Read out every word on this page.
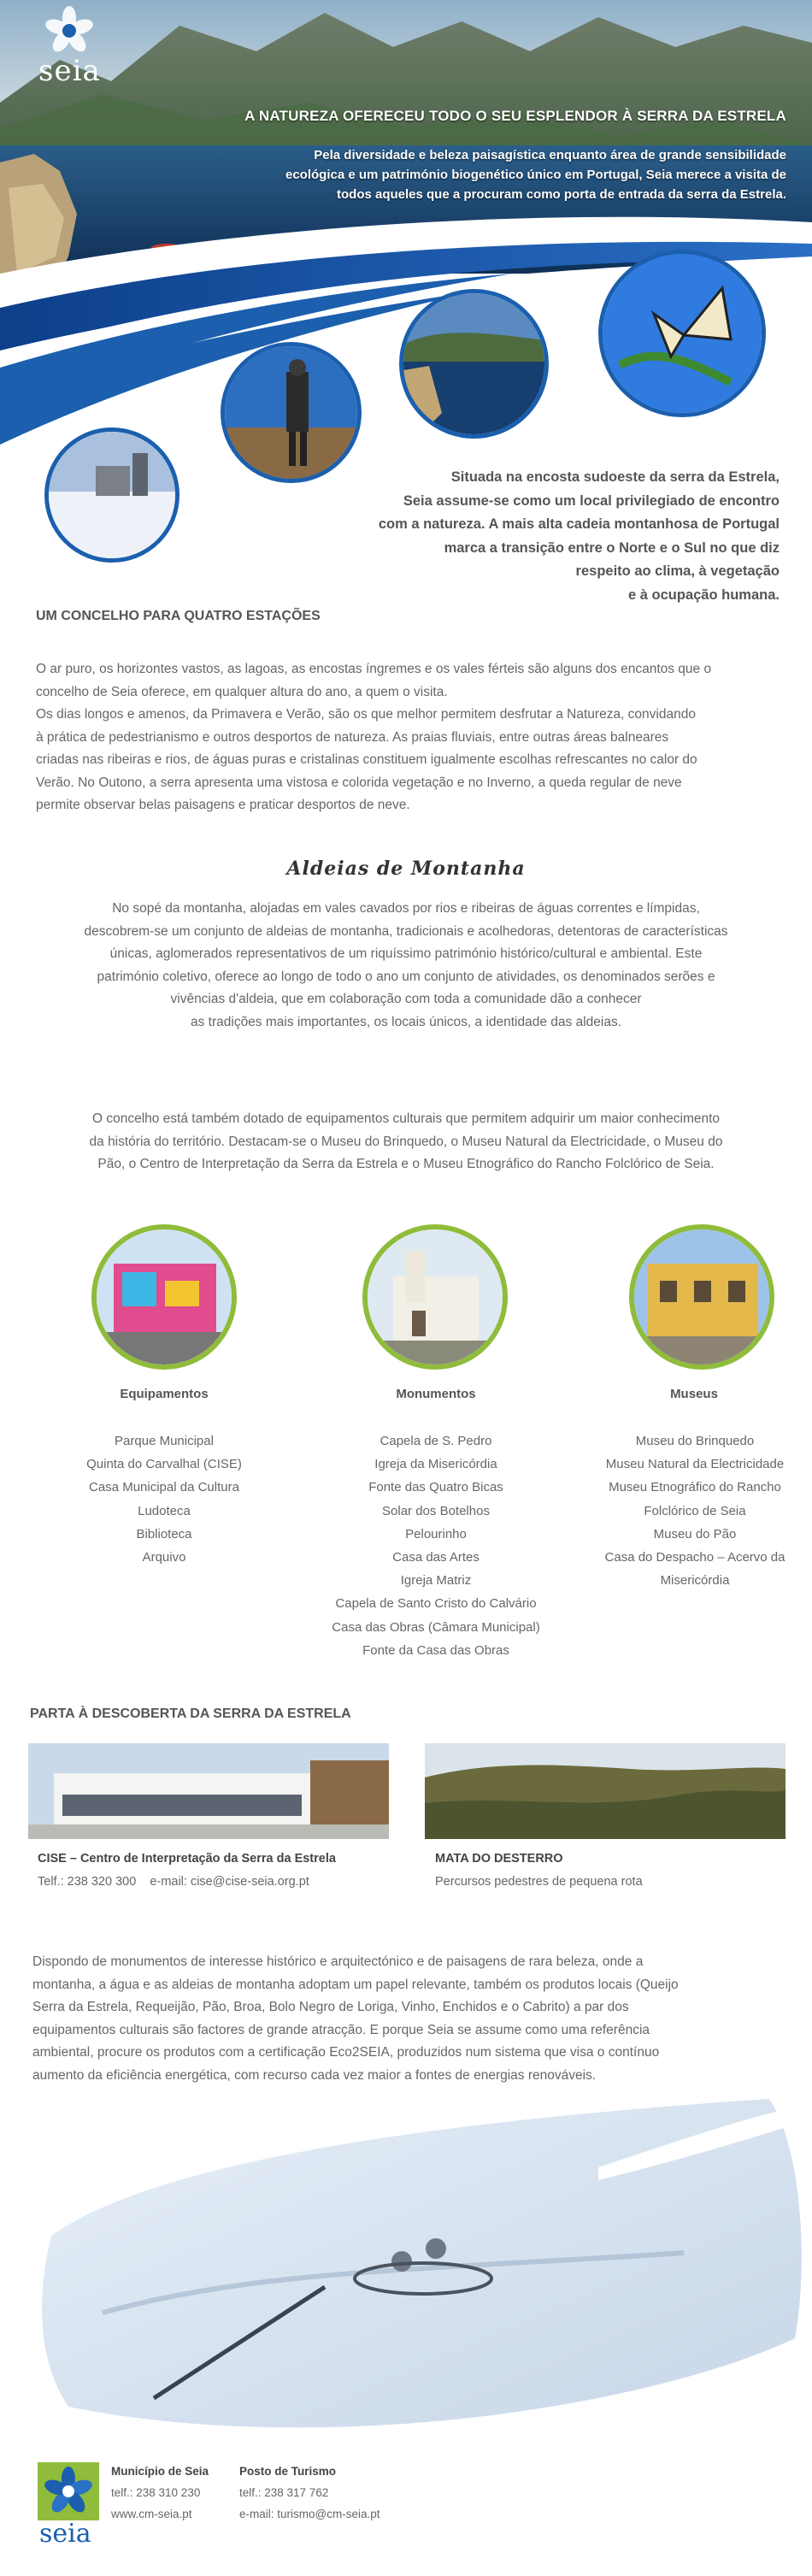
seia
A NATUREZA OFERECEU TODO O SEU ESPLENDOR À SERRA DA ESTRELA
Pela diversidade e beleza paisagística enquanto área de grande sensibilidade
ecológica e um património biogenético único em Portugal, Seia merece a visita de
todos aqueles que a procuram como porta de entrada da serra da Estrela.
Situada na encosta sudoeste da serra da Estrela,
Seia assume-se como um local privilegiado de encontro
com a natureza. A mais alta cadeia montanhosa de Portugal
marca a transição entre o Norte e o Sul no que diz
respeito ao clima, à vegetação
e à ocupação humana.
UM CONCELHO PARA QUATRO ESTAÇÕES

O ar puro, os horizontes vastos, as lagoas, as encostas íngremes e os vales férteis são alguns dos encantos que o

concelho de Seia oferece, em qualquer altura do ano, a quem o visita.

Os dias longos e amenos, da Primavera e Verão, são os que melhor permitem desfrutar a Natureza, convidando

à prática de pedestrianismo e outros desportos de natureza. As praias fluviais, entre outras áreas balneares

criadas nas ribeiras e rios, de águas puras e cristalinas constituem igualmente escolhas refrescantes no calor do

Verão. No Outono, a serra apresenta uma vistosa e colorida vegetação e no Inverno, a queda regular de neve

permite observar belas paisagens e praticar desportos de neve.

Aldeias de Montanha

No sopé da montanha, alojadas em vales cavados por rios e ribeiras de águas correntes e límpidas,

descobrem-se um conjunto de aldeias de montanha, tradicionais e acolhedoras, detentoras de características

únicas, aglomerados representativos de um riquíssimo património histórico/cultural e ambiental. Este

património coletivo, oferece ao longo de todo o ano um conjunto de atividades, os denominados serões e

vivências d'aldeia, que em colaboração com toda a comunidade dão a conhecer

as tradições mais importantes, os locais únicos, a identidade das aldeias.

O concelho está também dotado de equipamentos culturais que permitem adquirir um maior conhecimento

da história do território. Destacam-se o Museu do Brinquedo, o Museu Natural da Electricidade, o Museu do

Pão, o Centro de Interpretação da Serra da Estrela e o Museu Etnográfico do Rancho Folclórico de Seia.

Equipamentos	Monumentos	Museus
Parque Municipal
Quinta do Carvalhal (CISE)
Casa Municipal da Cultura
Ludoteca
Biblioteca
Arquivo
Capela de S. Pedro
Igreja da Misericórdia
Fonte das Quatro Bicas
Solar dos Botelhos
Pelourinho
Casa das Artes
Igreja Matriz
Capela de Santo Cristo do Calvário
Casa das Obras (Câmara Municipal)
Fonte da Casa das Obras
Museu do Brinquedo
Museu Natural da Electricidade
Museu Etnográfico do Rancho
Folclórico de Seia
Museu do Pão
Casa do Despacho – Acervo da
Misericórdia
PARTA À DESCOBERTA DA SERRA DA ESTRELA
CISE – Centro de Interpretação da Serra da Estrela
Telf.: 238 320 300 e-mail: cise@cise-seia.org.pt
MATA DO DESTERRO
Percursos pedestres de pequena rota

Dispondo de monumentos de interesse histórico e arquitectónico e de paisagens de rara beleza, onde a

montanha, a água e as aldeias de montanha adoptam um papel relevante, também os produtos locais (Queijo

Serra da Estrela, Requeijão, Pão, Broa, Bolo Negro de Loriga, Vinho, Enchidos e o Cabrito) a par dos

equipamentos culturais são factores de grande atracção. E porque Seia se assume como uma referência

ambiental, procure os produtos com a certificação Eco2SEIA, produzidos num sistema que visa o contínuo

aumento da eficiência energética, com recurso cada vez maior a fontes de energias renováveis.

seia
Município de Seia
telf.: 238 310 230
www.cm-seia.pt
Posto de Turismo
telf.: 238 317 762
e-mail: turismo@cm-seia.pt
